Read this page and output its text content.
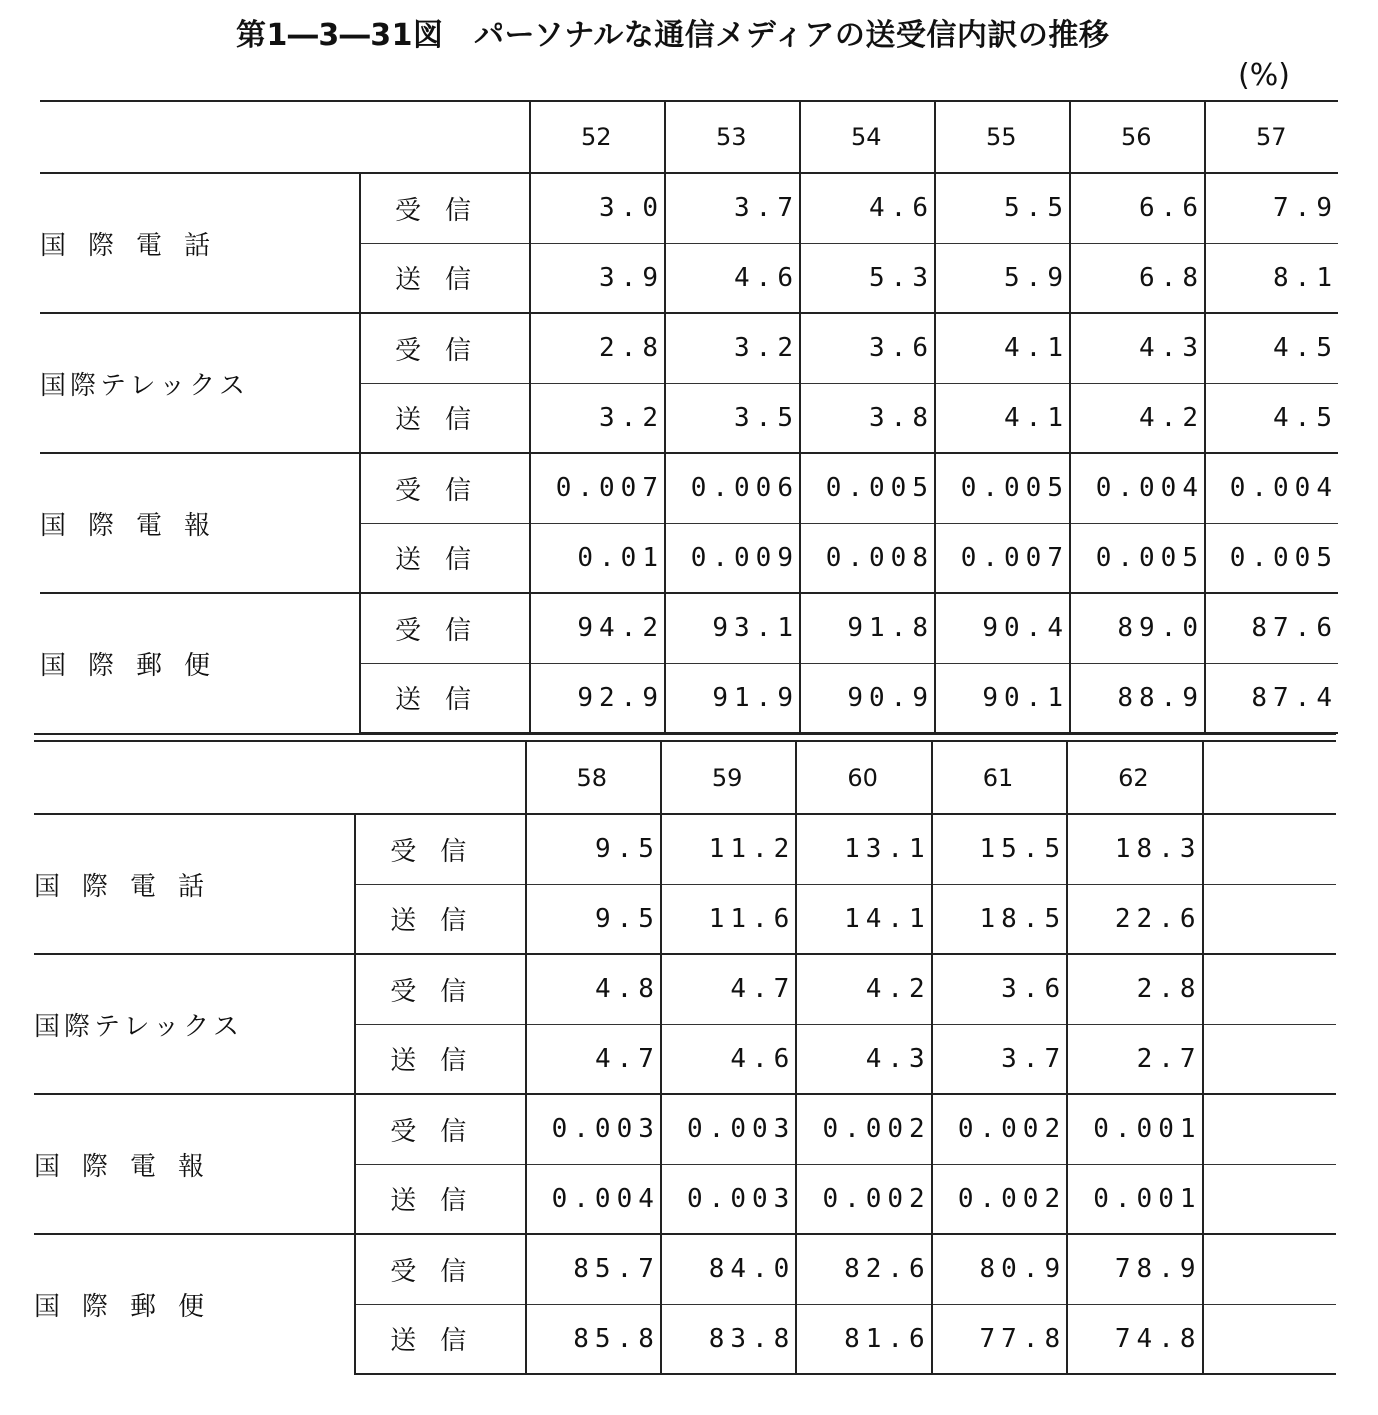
第1―3―31図　パーソナルな通信メディアの送受信内訳の推移
(%)
		52	53	54	55	56	57
国際電話	受信	3.0	3.7	4.6	5.5	6.6	7.9
	送信	3.9	4.6	5.3	5.9	6.8	8.1
国際テレックス	受信	2.8	3.2	3.6	4.1	4.3	4.5
	送信	3.2	3.5	3.8	4.1	4.2	4.5
国際電報	受信	0.007	0.006	0.005	0.005	0.004	0.004
	送信	0.01	0.009	0.008	0.007	0.005	0.005
国際郵便	受信	94.2	93.1	91.8	90.4	89.0	87.6
	送信	92.9	91.9	90.9	90.1	88.9	87.4
		58	59	60	61	62	
国際電話	受信	9.5	11.2	13.1	15.5	18.3	
	送信	9.5	11.6	14.1	18.5	22.6	
国際テレックス	受信	4.8	4.7	4.2	3.6	2.8	
	送信	4.7	4.6	4.3	3.7	2.7	
国際電報	受信	0.003	0.003	0.002	0.002	0.001	
	送信	0.004	0.003	0.002	0.002	0.001	
国際郵便	受信	85.7	84.0	82.6	80.9	78.9	
	送信	85.8	83.8	81.6	77.8	74.8	
